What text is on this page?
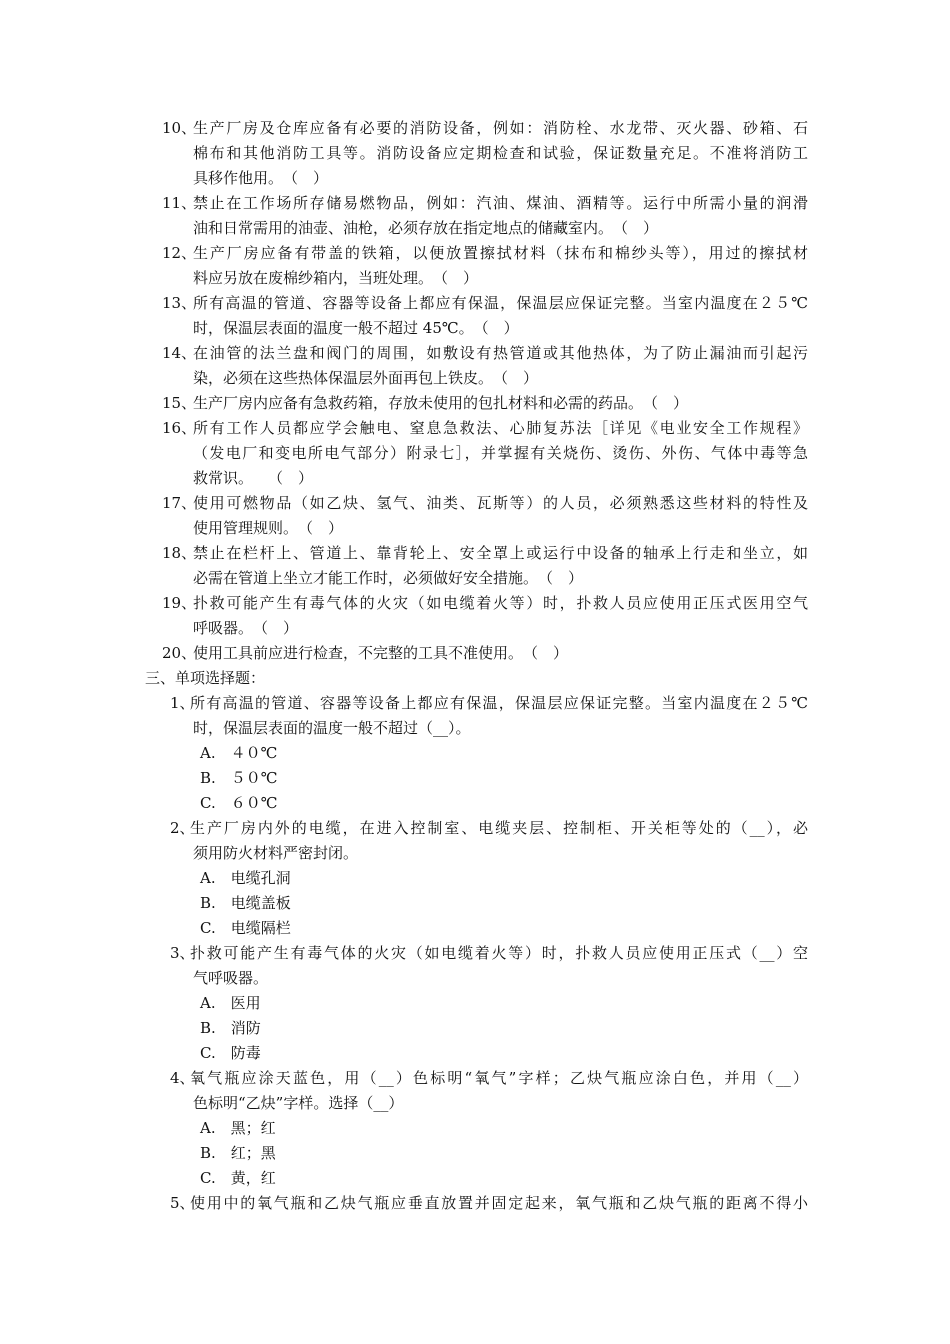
10、
生产厂房及仓库应备有必要的消防设备，例如：消防栓、水龙带、灭火器、砂箱、石
棉布和其他消防工具等。消防设备应定期检查和试验，保证数量充足。不准将消防工
具移作他用。　（　）
11、
禁止在工作场所存储易燃物品，例如：汽油、煤油、酒精等。运行中所需小量的润滑
油和日常需用的油壶、油枪，必须存放在指定地点的储藏室内。　（　）
12、
生产厂房应备有带盖的铁箱，以便放置擦拭材料（抹布和棉纱头等），用过的擦拭材
料应另放在废棉纱箱内，当班处理。　（　）
13、
所有高温的管道、容器等设备上都应有保温，保温层应保证完整。当室内温度在２５℃
时，保温层表面的温度一般不超过 45℃。　（　）
14、
在油管的法兰盘和阀门的周围，如敷设有热管道或其他热体，为了防止漏油而引起污
染，必须在这些热体保温层外面再包上铁皮。　（　）
15、
生产厂房内应备有急救药箱，存放未使用的包扎材料和必需的药品。　（　）
16、
所有工作人员都应学会触电、窒息急救法、心肺复苏法［详见《电业安全工作规程》
（发电厂和变电所电气部分）附录七］，并掌握有关烧伤、烫伤、外伤、气体中毒等急
救常识。　　（　）
17、
使用可燃物品（如乙炔、氢气、油类、瓦斯等）的人员，必须熟悉这些材料的特性及
使用管理规则。　（　）
18、
禁止在栏杆上、管道上、靠背轮上、安全罩上或运行中设备的轴承上行走和坐立，如
必需在管道上坐立才能工作时，必须做好安全措施。　（　）
19、
扑救可能产生有毒气体的火灾（如电缆着火等）时，扑救人员应使用正压式医用空气
呼吸器。　（　）
20、
使用工具前应进行检查，不完整的工具不准使用。　（　）
三、单项选择题：
1、
所有高温的管道、容器等设备上都应有保温，保温层应保证完整。当室内温度在２５℃
时，保温层表面的温度一般不超过（__）。
A.　４０℃
B.　５０℃
C.　６０℃
2、
生产厂房内外的电缆，在进入控制室、电缆夹层、控制柜、开关柜等处的（__），必
须用防火材料严密封闭。
A.　电缆孔洞
B.　电缆盖板
C.　电缆隔栏
3、
扑救可能产生有毒气体的火灾（如电缆着火等）时，扑救人员应使用正压式（__）空
气呼吸器。
A.　医用
B.　消防
C.　防毒
4、
氧气瓶应涂天蓝色，用（__）色标明“氧气”字样；乙炔气瓶应涂白色，并用（__）
色标明“乙炔”字样。选择（__）
A.　黑；红
B.　红；黑
C.　黄，红
5、
使用中的氧气瓶和乙炔气瓶应垂直放置并固定起来，氧气瓶和乙炔气瓶的距离不得小
